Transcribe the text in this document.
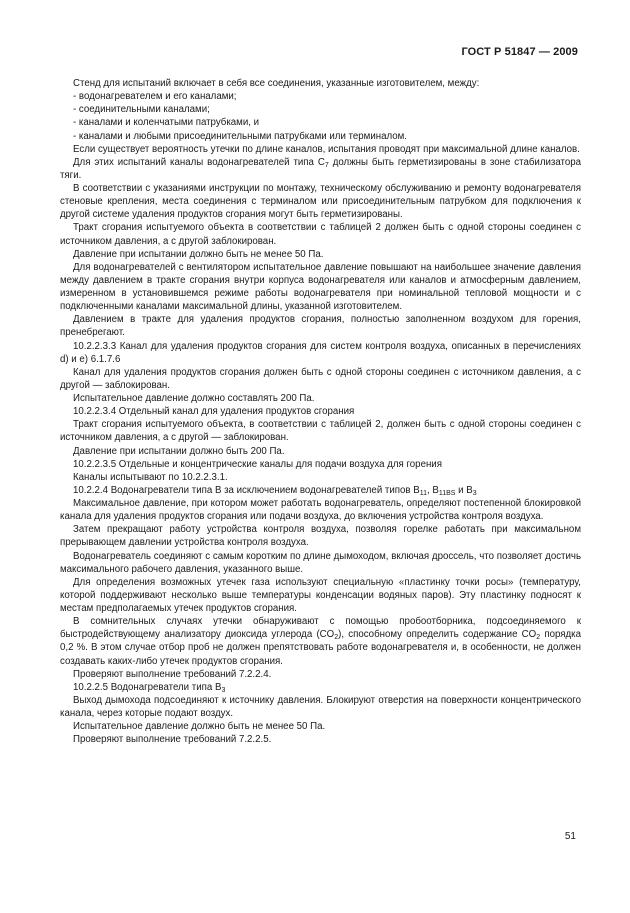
ГОСТ Р 51847 — 2009

Стенд для испытаний включает в себя все соединения, указанные изготовителем, между:

- водонагревателем и его каналами;

- соединительными каналами;

- каналами и коленчатыми патрубками, и

- каналами и любыми присоединительными патрубками или терминалом.

Если существует вероятность утечки по длине каналов, испытания проводят при максимальной длине каналов.

Для этих испытаний каналы водонагревателей типа $C_7$ должны быть герметизированы в зоне стабилизатора тяги.

В соответствии с указаниями инструкции по монтажу, техническому обслуживанию и ремонту водонагревателя стеновые крепления, места соединения с терминалом или присоединительным патрубком для подключения к другой системе удаления продуктов сгорания могут быть герметизированы.

Тракт сгорания испытуемого объекта в соответствии с таблицей 2 должен быть с одной стороны соединен с источником давления, а с другой заблокирован.

Давление при испытании должно быть не менее 50 Па.

Для водонагревателей с вентилятором испытательное давление повышают на наибольшее значение давления между давлением в тракте сгорания внутри корпуса водонагревателя или каналов и атмосферным давлением, измеренном в установившемся режиме работы водонагревателя при номинальной тепловой мощности и с подключенными каналами максимальной длины, указанной изготовителем.

Давлением в тракте для удаления продуктов сгорания, полностью заполненном воздухом для горения, пренебрегают.

10.2.2.3.3 Канал для удаления продуктов сгорания для систем контроля воздуха, описанных в перечислениях d) и e) 6.1.7.6

Канал для удаления продуктов сгорания должен быть с одной стороны соединен с источником давления, а с другой — заблокирован.

Испытательное давление должно составлять 200 Па.

10.2.2.3.4 Отдельный канал для удаления продуктов сгорания

Тракт сгорания испытуемого объекта, в соответствии с таблицей 2, должен быть с одной стороны соединен с источником давления, а с другой — заблокирован.

Давление при испытании должно быть 200 Па.

10.2.2.3.5 Отдельные и концентрические каналы для подачи воздуха для горения

Каналы испытывают по 10.2.2.3.1.

10.2.2.4 Водонагреватели типа B за исключением водонагревателей типов $B_{11}$, $B_{11BS}$ и $B_3$

Максимальное давление, при котором может работать водонагреватель, определяют постепенной блокировкой канала для удаления продуктов сгорания или подачи воздуха, до включения устройства контроля воздуха.

Затем прекращают работу устройства контроля воздуха, позволяя горелке работать при максимальном прерывающем давлении устройства контроля воздуха.

Водонагреватель соединяют с самым коротким по длине дымоходом, включая дроссель, что позволяет достичь максимального рабочего давления, указанного выше.

Для определения возможных утечек газа используют специальную «пластинку точки росы» (температуру, которой поддерживают несколько выше температуры конденсации водяных паров). Эту пластинку подносят к местам предполагаемых утечек продуктов сгорания.

В сомнительных случаях утечки обнаруживают с помощью пробоотборника, подсоединяемого к быстродействующему анализатору диоксида углерода $(CO_2)$, способному определить содержание $CO_2$ порядка 0,2 %. В этом случае отбор проб не должен препятствовать работе водонагревателя и, в особенности, не должен создавать каких-либо утечек продуктов сгорания.

Проверяют выполнение требований 7.2.2.4.

10.2.2.5 Водонагреватели типа $B_3$

Выход дымохода подсоединяют к источнику давления. Блокируют отверстия на поверхности концентрического канала, через которые подают воздух.

Испытательное давление должно быть не менее 50 Па.

Проверяют выполнение требований 7.2.2.5.

51
